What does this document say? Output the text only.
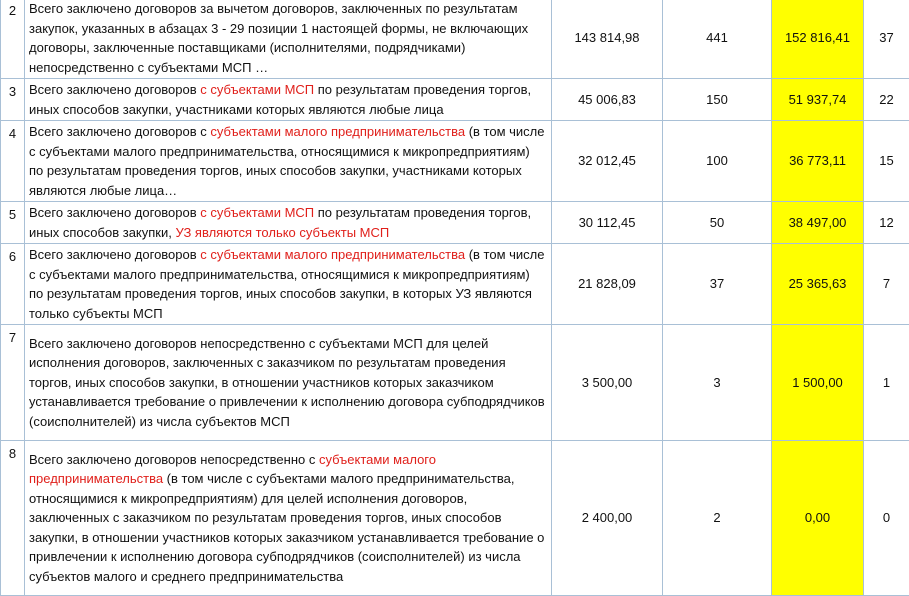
2	Всего заключено договоров за вычетом договоров, заключенных по результатам закупок, указанных в абзацах 3 - 29 позиции 1 настоящей формы, не включающих договоры, заключенные поставщиками (исполнителями, подрядчиками) непосредственно с субъектами МСП …	143 814,98	441	152 816,41	37
3	Всего заключено договоров с субъектами МСП по результатам проведения торгов, иных способов закупки, участниками которых являются любые лица	45 006,83	150	51 937,74	22
4	Всего заключено договоров с субъектами малого предпринимательства (в том числе с субъектами малого предпринимательства, относящимися к микропредприятиям) по результатам проведения торгов, иных способов закупки, участниками которых являются любые лица…	32 012,45	100	36 773,11	15
5	Всего заключено договоров с субъектами МСП по результатам проведения торгов, иных способов закупки, УЗ являются только субъекты МСП	30 112,45	50	38 497,00	12
6	Всего заключено договоров с субъектами малого предпринимательства (в том числе с субъектами малого предпринимательства, относящимися к микропредприятиям) по результатам проведения торгов, иных способов закупки, в которых УЗ являются только субъекты МСП	21 828,09	37	25 365,63	7
7	Всего заключено договоров непосредственно с субъектами МСП для целей исполнения договоров, заключенных с заказчиком по результатам проведения торгов, иных способов закупки, в отношении участников которых заказчиком устанавливается требование о привлечении к исполнению договора субподрядчиков (соисполнителей) из числа субъектов МСП	3 500,00	3	1 500,00	1
8	Всего заключено договоров непосредственно с субъектами малого предпринимательства (в том числе с субъектами малого предпринимательства, относящимися к микропредприятиям) для целей исполнения договоров, заключенных с заказчиком по результатам проведения торгов, иных способов закупки, в отношении участников которых заказчиком устанавливается требование о привлечении к исполнению договора субподрядчиков (соисполнителей) из числа субъектов малого и среднего предпринимательства	2 400,00	2	0,00	0
